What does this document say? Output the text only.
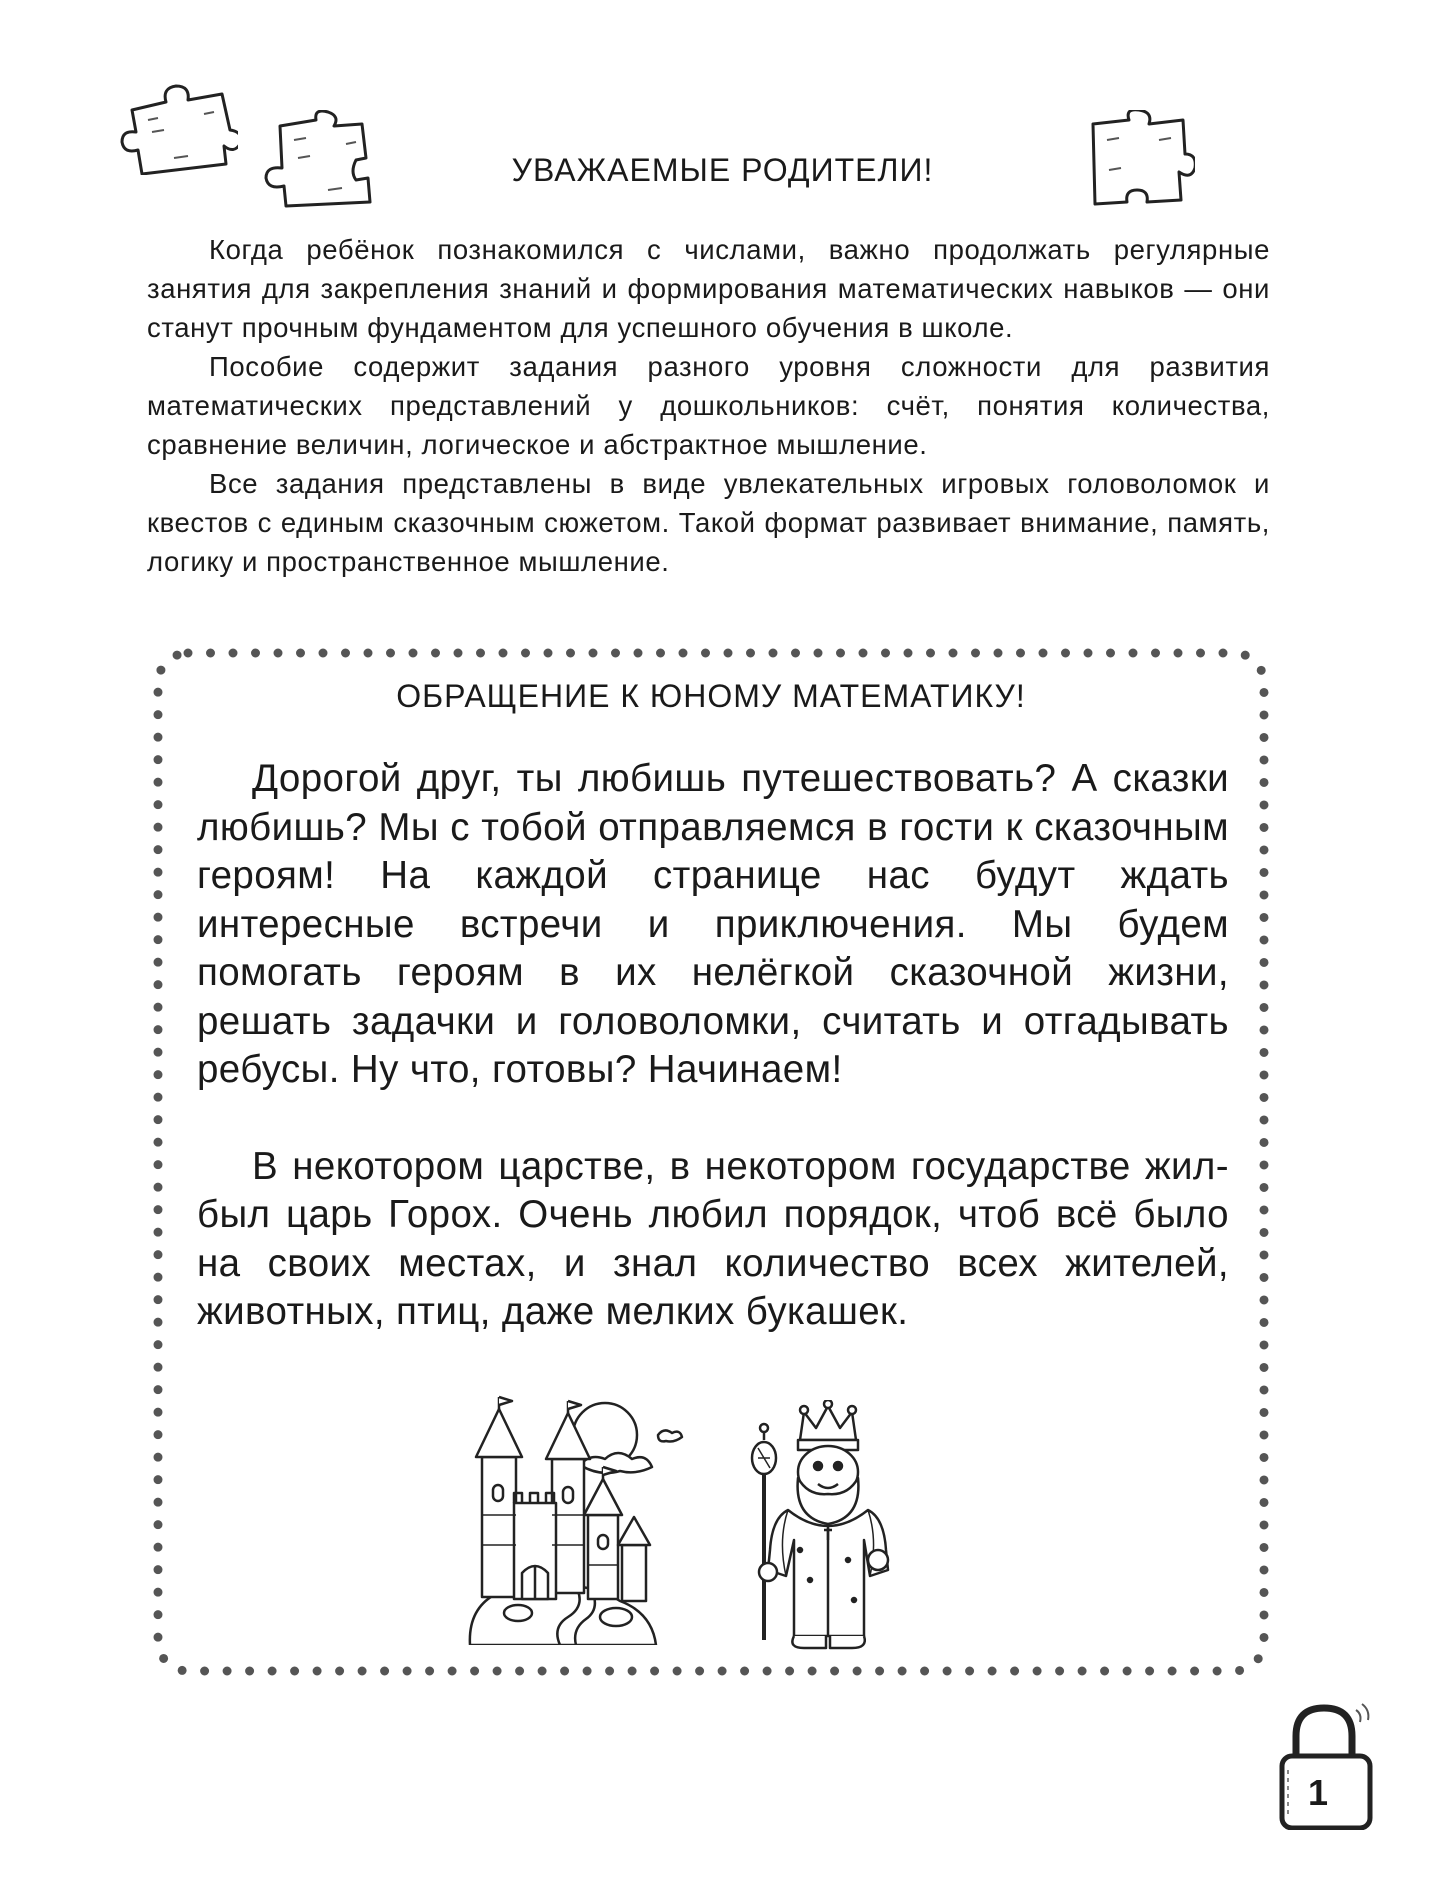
УВАЖАЕМЫЕ РОДИТЕЛИ!

Когда ребёнок познакомился с числами, важно продолжать регулярные занятия для закрепления знаний и формирования математических навыков — они станут прочным фундаментом для успешного обучения в школе.

Пособие содержит задания разного уровня сложности для развития математических представлений у дошкольников: счёт, понятия количества, сравнение величин, логическое и абстрактное мышление.

Все задания представлены в виде увлекательных игровых головоломок и квестов с единым сказочным сюжетом. Такой формат развивает внимание, память, логику и пространственное мышление.

ОБРАЩЕНИЕ К ЮНОМУ МАТЕМАТИКУ!

Дорогой друг, ты любишь путешествовать? А сказки любишь? Мы с тобой отправляемся в гости к сказочным героям! На каждой странице нас будут ждать интересные встречи и приключения. Мы будем помогать героям в их нелёгкой сказочной жизни, решать задачки и головоломки, считать и отгадывать ребусы. Ну что, готовы? Начинаем!

В некотором царстве, в некотором государстве жил-был царь Горох. Очень любил порядок, чтоб всё было на своих местах, и знал количество всех жителей, животных, птиц, даже мелких букашек.

1
